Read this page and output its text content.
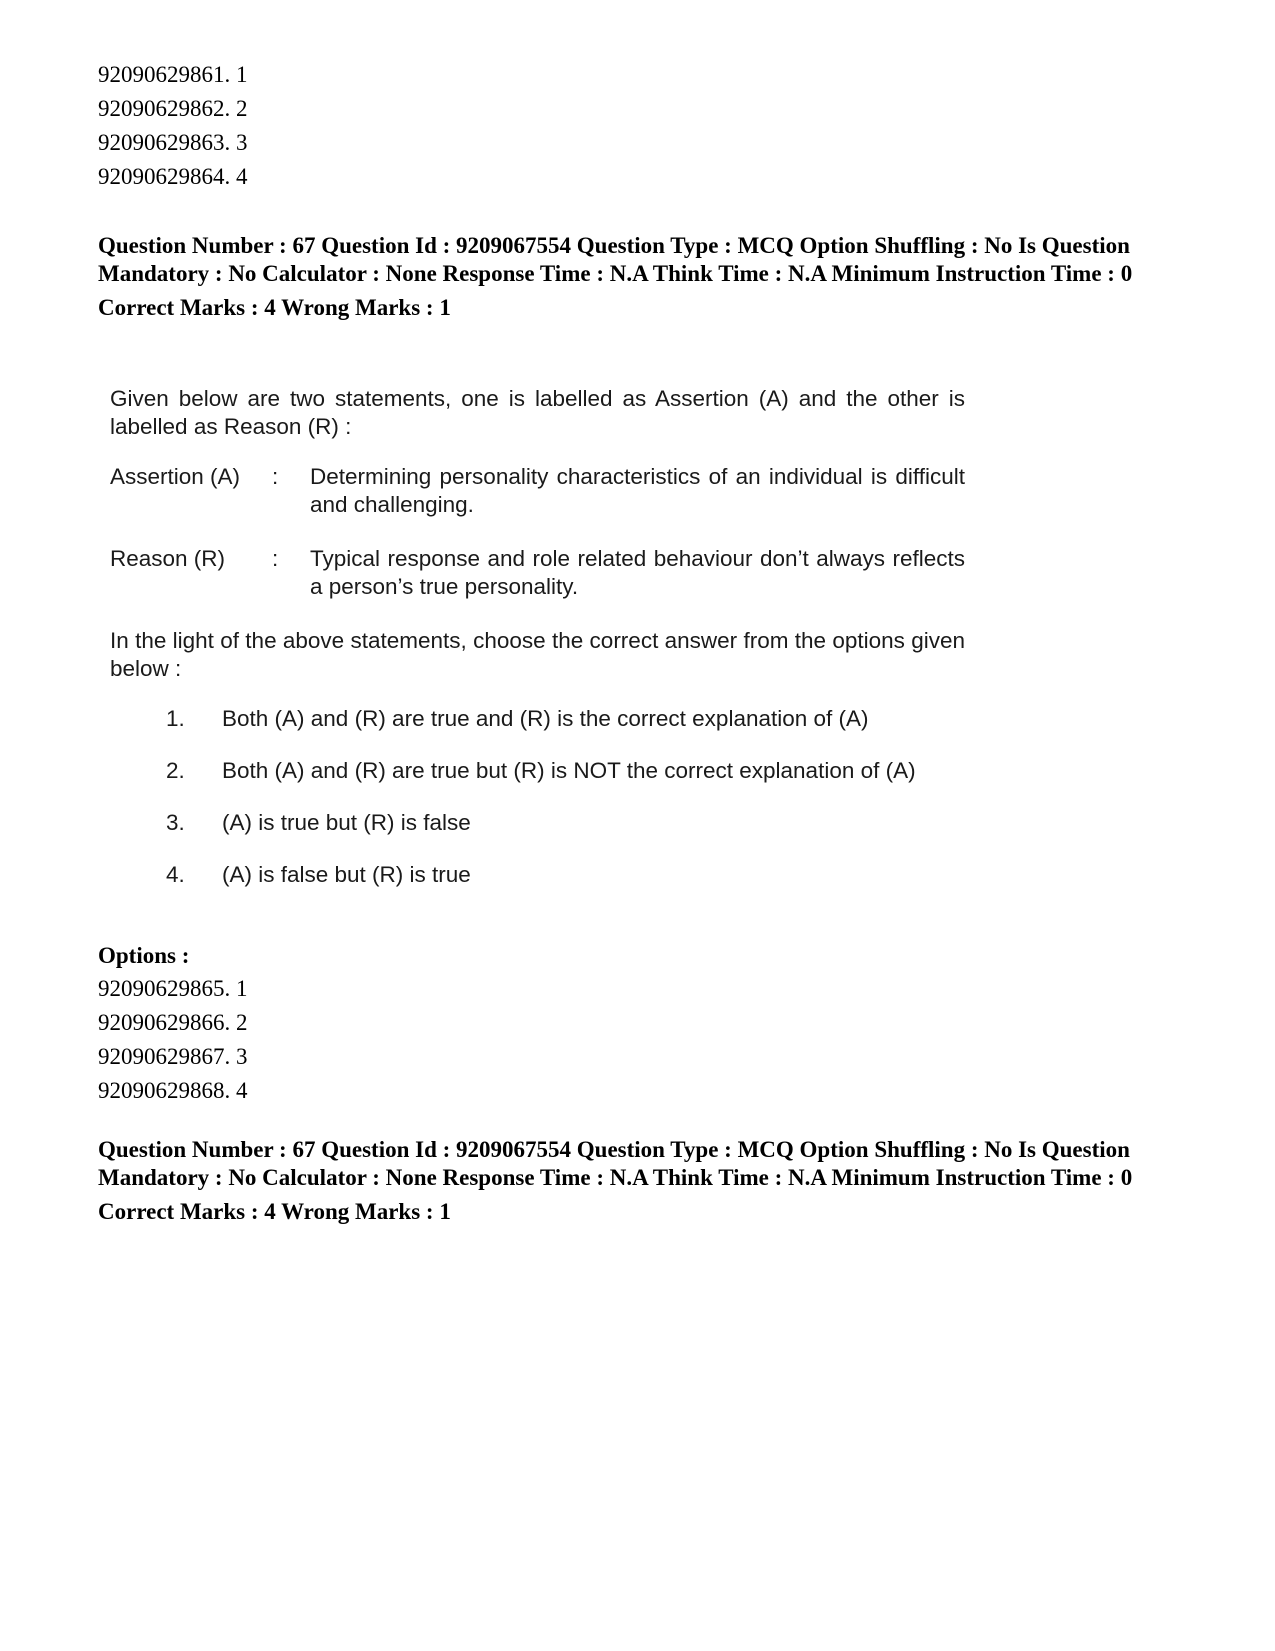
92090629861. 1
92090629862. 2
92090629863. 3
92090629864. 4
Question Number : 67 Question Id : 9209067554 Question Type : MCQ Option Shuffling : No Is Question Mandatory : No Calculator : None Response Time : N.A Think Time : N.A Minimum Instruction Time : 0
Correct Marks : 4 Wrong Marks : 1

Given below are two statements, one is labelled as Assertion (A) and the other is labelled as Reason (R) :

Assertion (A)	:	Determining personality characteristics of an individual is difficult and challenging.
Reason (R)	:	Typical response and role related behaviour don’t always reflects a person’s true personality.
In the light of the above statements, choose the correct answer from the options given below :
1.	Both (A) and (R) are true and (R) is the correct explanation of (A)
2.	Both (A) and (R) are true but (R) is NOT the correct explanation of (A)
3.	(A) is true but (R) is false
4.	(A) is false but (R) is true
Options :
92090629865. 1
92090629866. 2
92090629867. 3
92090629868. 4
Question Number : 67 Question Id : 9209067554 Question Type : MCQ Option Shuffling : No Is Question Mandatory : No Calculator : None Response Time : N.A Think Time : N.A Minimum Instruction Time : 0
Correct Marks : 4 Wrong Marks : 1
